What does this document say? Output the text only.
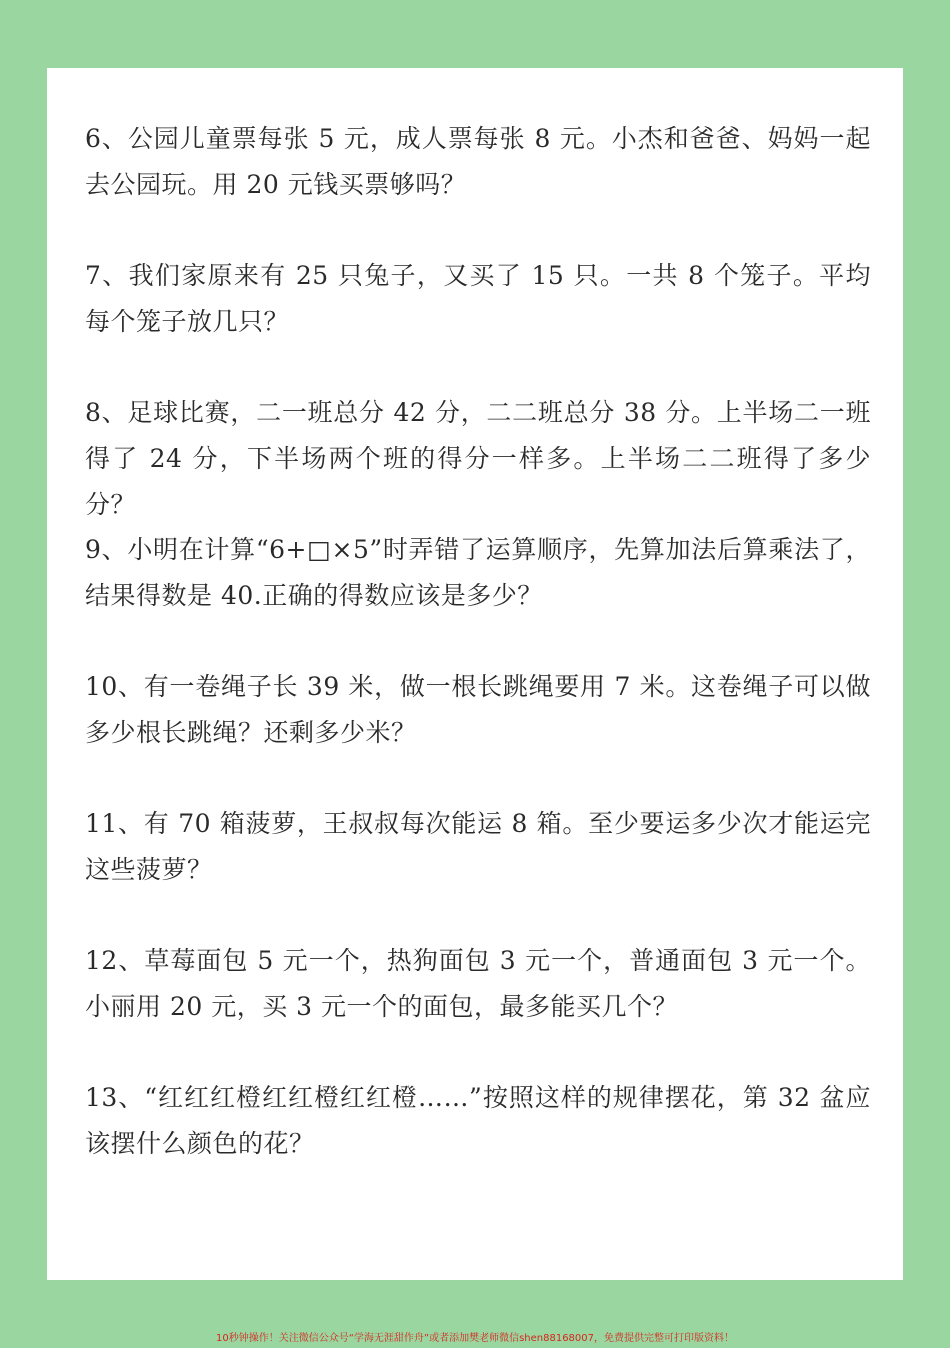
6、公园儿童票每张 5 元，成人票每张 8 元。小杰和爸爸、妈妈一起去公园玩。用 20 元钱买票够吗？
7、我们家原来有 25 只兔子，又买了 15 只。一共 8 个笼子。平均每个笼子放几只？
8、足球比赛，二一班总分 42 分，二二班总分 38 分。上半场二一班得了 24 分，下半场两个班的得分一样多。上半场二二班得了多少分？
9、小明在计算“6+□×5”时弄错了运算顺序，先算加法后算乘法了，结果得数是 40.正确的得数应该是多少？
10、有一卷绳子长 39 米，做一根长跳绳要用 7 米。这卷绳子可以做多少根长跳绳？还剩多少米？
11、有 70 箱菠萝，王叔叔每次能运 8 箱。至少要运多少次才能运完这些菠萝？
12、草莓面包 5 元一个，热狗面包 3 元一个，普通面包 3 元一个。小丽用 20 元，买 3 元一个的面包，最多能买几个？
13、“红红红橙红红橙红红橙……”按照这样的规律摆花，第 32 盆应该摆什么颜色的花？
10秒钟操作！关注微信公众号“学海无涯甜作舟”或者添加樊老师微信shen88168007，免费提供完整可打印版资料！
